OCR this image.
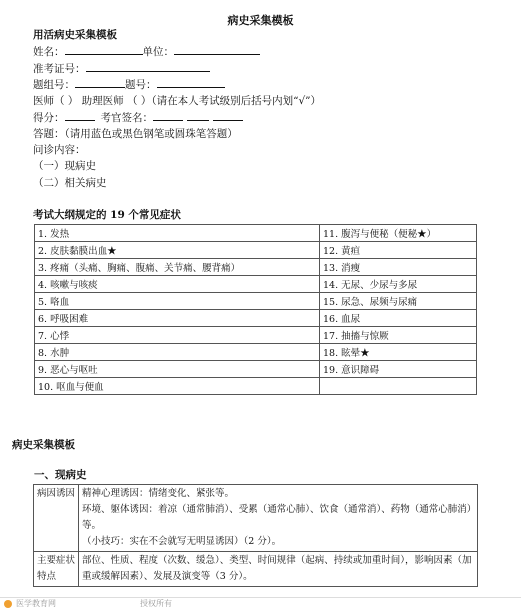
病史采集模板
用活病史采集模板
姓名：	单位：
准考证号：
题组号：	题号：
医师（ ） 助理医师 （ ）（请在本人考试级别后括号内划“√”）
得分：	考官签名：
答题：（请用蓝色或黑色钢笔或圆珠笔答题）
问诊内容：
（一）现病史
（二）相关病史
考试大纲规定的 19 个常见症状
1. 发热	11. 腹泻与便秘（便秘★）
2. 皮肤黏膜出血★	12. 黄疸
3. 疼痛（头痛、胸痛、腹痛、关节痛、腰背痛）	13. 消瘦
4. 咳嗽与咳痰	14. 无尿、少尿与多尿
5. 咯血	15. 尿急、尿频与尿痛
6. 呼吸困难	16. 血尿
7. 心悸	17. 抽搐与惊厥
8. 水肿	18. 眩晕★
9. 恶心与呕吐	19. 意识障碍
10. 呕血与便血	
病史采集模板
一、现病史
病因诱因	精神心理诱因：情绪变化、紧张等。
环境、躯体诱因：着凉（通常肺消）、受累（通常心肺）、饮食（通常消）、药物（通常心肺消）等。
（小技巧：实在不会就写无明显诱因）（2 分）。

主要症状特点	部位、性质、程度（次数、缓急）、类型、时间规律（起病、持续或加重时间），影响因素（加重或缓解因素）、发展及演变等（3 分）。
医学教育网	授权所有
